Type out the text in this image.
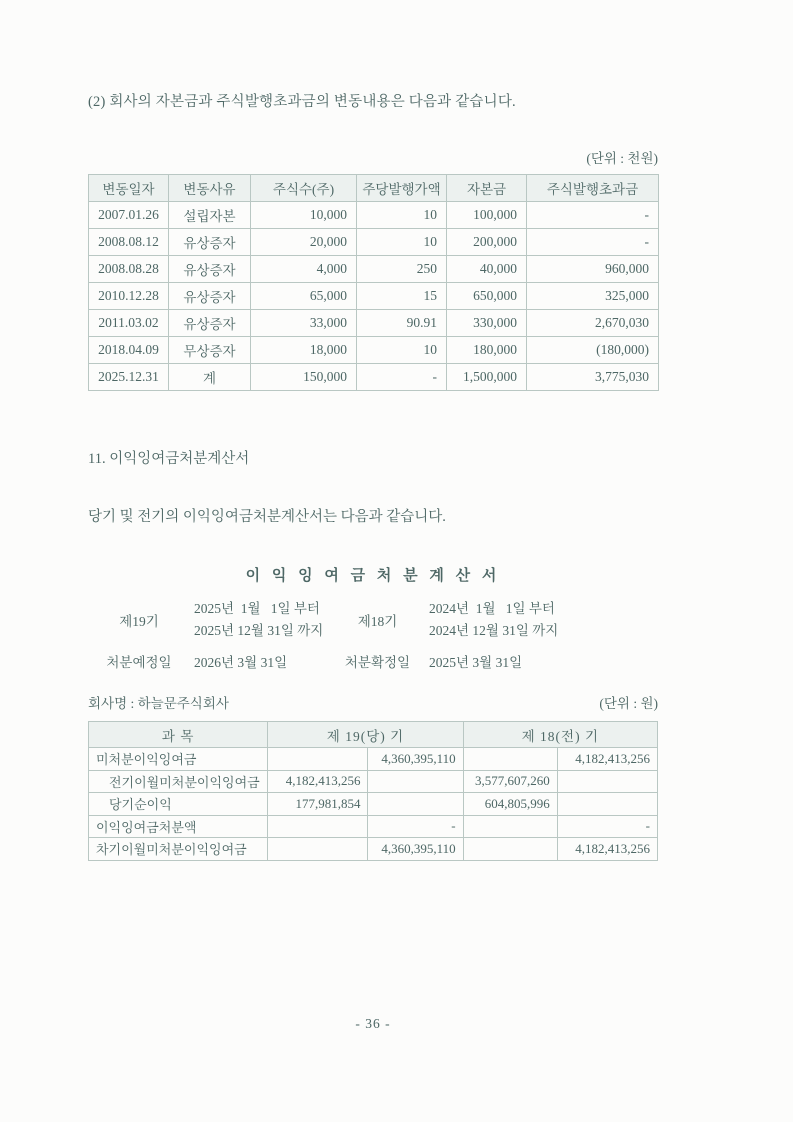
(2) 회사의 자본금과 주식발행초과금의 변동내용은 다음과 같습니다.
(단위 : 천원)
변동일자	변동사유	주식수(주)	주당발행가액	자본금	주식발행초과금
2007.01.26	설립자본	10,000	10	100,000	-
2008.08.12	유상증자	20,000	10	200,000	-
2008.08.28	유상증자	4,000	250	40,000	960,000
2010.12.28	유상증자	65,000	15	650,000	325,000
2011.03.02	유상증자	33,000	90.91	330,000	2,670,030
2018.04.09	무상증자	18,000	10	180,000	(180,000)
2025.12.31	계	150,000	-	1,500,000	3,775,030
11. 이익잉여금처분계산서
당기 및 전기의 이익잉여금처분계산서는 다음과 같습니다.
이 익 잉 여 금 처 분 계 산 서
제19기
2025년  1월   1일 부터
2025년 12월 31일 까지
제18기
2024년  1월   1일 부터
2024년 12월 31일 까지
처분예정일	2026년 3월 31일	처분확정일	2025년 3월 31일
회사명 : 하늘문주식회사	(단위 : 원)
과 목	제 19(당) 기		제 18(전) 기	
미처분이익잉여금		4,360,395,110		4,182,413,256
전기이월미처분이익잉여금	4,182,413,256		3,577,607,260	
당기순이익	177,981,854		604,805,996	
이익잉여금처분액		-		-
차기이월미처분이익잉여금		4,360,395,110		4,182,413,256
- 36 -
